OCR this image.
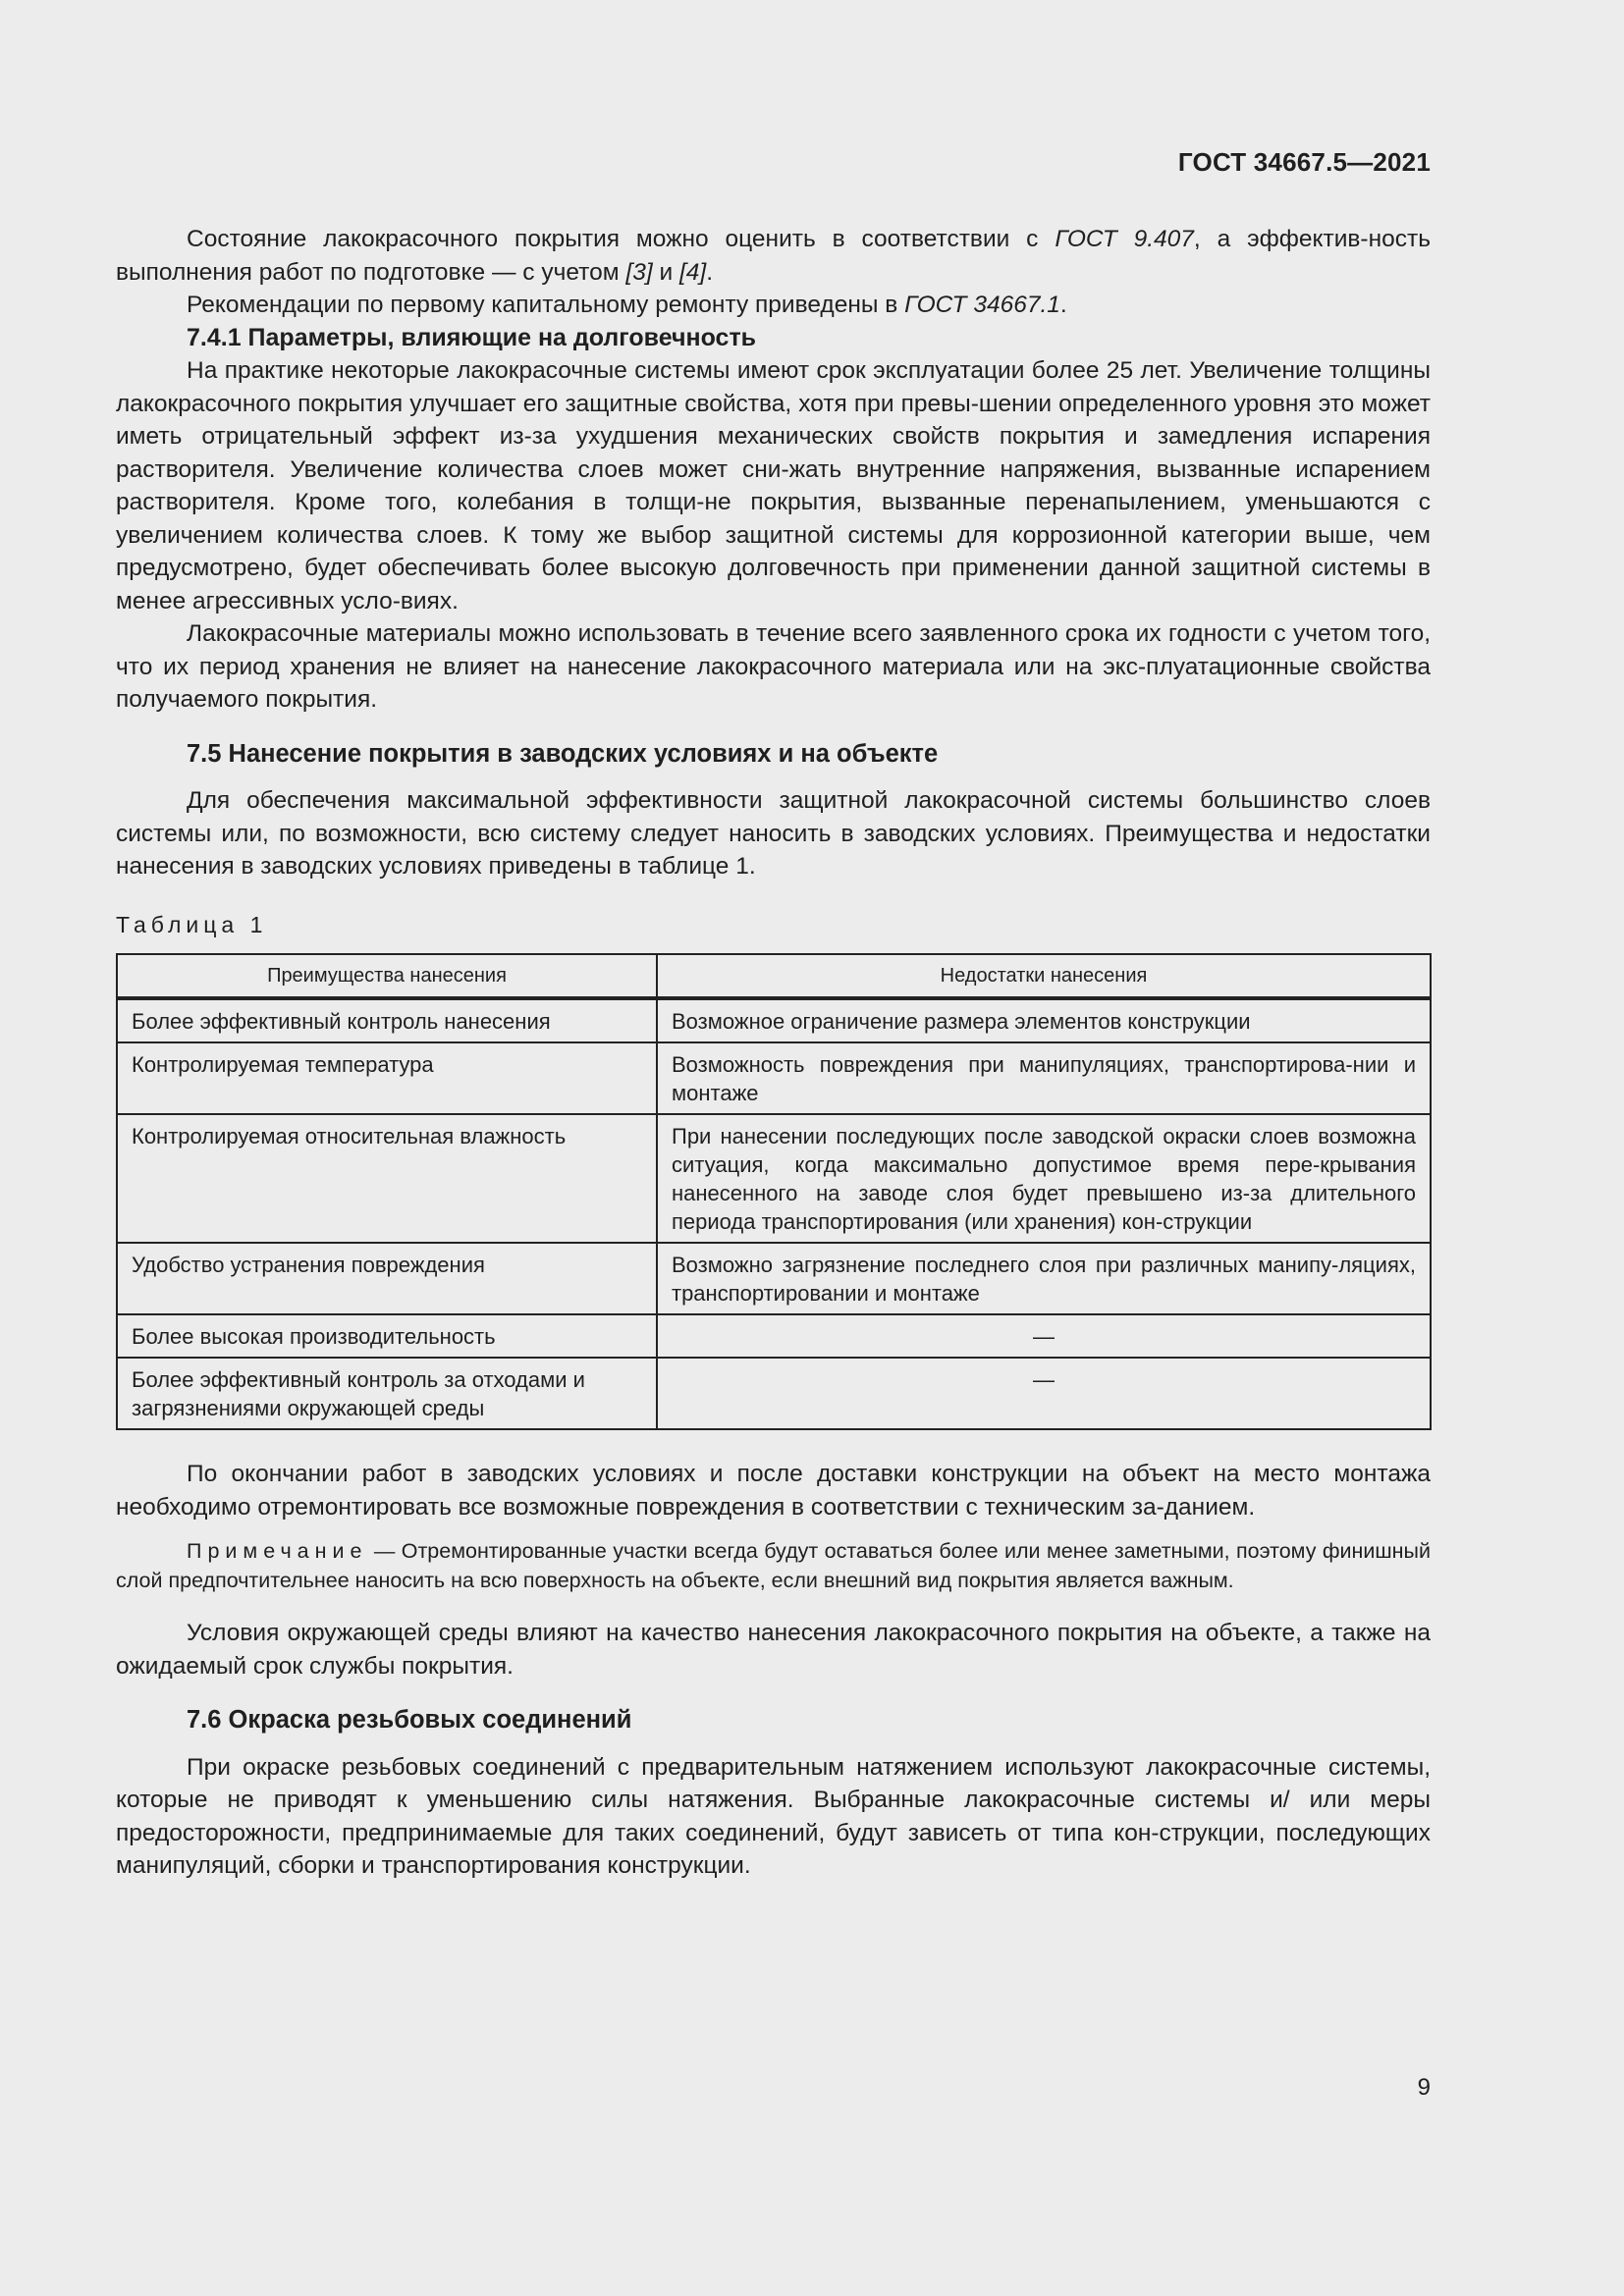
ГОСТ 34667.5—2021

Состояние лакокрасочного покрытия можно оценить в соответствии с ГОСТ 9.407, а эффектив-ность выполнения работ по подготовке — с учетом [3] и [4].

Рекомендации по первому капитальному ремонту приведены в ГОСТ 34667.1.

7.4.1 Параметры, влияющие на долговечность

На практике некоторые лакокрасочные системы имеют срок эксплуатации более 25 лет. Увеличение толщины лакокрасочного покрытия улучшает его защитные свойства, хотя при превы-шении определенного уровня это может иметь отрицательный эффект из-за ухудшения механических свойств покрытия и замедления испарения растворителя. Увеличение количества слоев может сни-жать внутренние напряжения, вызванные испарением растворителя. Кроме того, колебания в толщи-не покрытия, вызванные перенапылением, уменьшаются с увеличением количества слоев. К тому же выбор защитной системы для коррозионной категории выше, чем предусмотрено, будет обеспечивать более высокую долговечность при применении данной защитной системы в менее агрессивных усло-виях.

Лакокрасочные материалы можно использовать в течение всего заявленного срока их годности с учетом того, что их период хранения не влияет на нанесение лакокрасочного материала или на экс-плуатационные свойства получаемого покрытия.

7.5 Нанесение покрытия в заводских условиях и на объекте

Для обеспечения максимальной эффективности защитной лакокрасочной системы большинство слоев системы или, по возможности, всю систему следует наносить в заводских условиях. Преимущества и недостатки нанесения в заводских условиях приведены в таблице 1.

Таблица 1
Преимущества нанесения	Недостатки нанесения
Более эффективный контроль нанесения	Возможное ограничение размера элементов конструкции
Контролируемая температура	Возможность повреждения при манипуляциях, транспортирова-нии и монтаже
Контролируемая относительная влажность	При нанесении последующих после заводской окраски слоев возможна ситуация, когда максимально допустимое время пере-крывания нанесенного на заводе слоя будет превышено из-за длительного периода транспортирования (или хранения) кон-струкции
Удобство устранения повреждения	Возможно загрязнение последнего слоя при различных манипу-ляциях, транспортировании и монтаже
Более высокая производительность	—
Более эффективный контроль за отходами и загрязнениями окружающей среды	—

По окончании работ в заводских условиях и после доставки конструкции на объект на место монтажа необходимо отремонтировать все возможные повреждения в соответствии с техническим за-данием.

Примечание — Отремонтированные участки всегда будут оставаться более или менее заметными, поэтому финишный слой предпочтительнее наносить на всю поверхность на объекте, если внешний вид покрытия является важным.

Условия окружающей среды влияют на качество нанесения лакокрасочного покрытия на объекте, а также на ожидаемый срок службы покрытия.

7.6 Окраска резьбовых соединений

При окраске резьбовых соединений с предварительным натяжением используют лакокрасочные системы, которые не приводят к уменьшению силы натяжения. Выбранные лакокрасочные системы и/ или меры предосторожности, предпринимаемые для таких соединений, будут зависеть от типа кон-струкции, последующих манипуляций, сборки и транспортирования конструкции.

9
